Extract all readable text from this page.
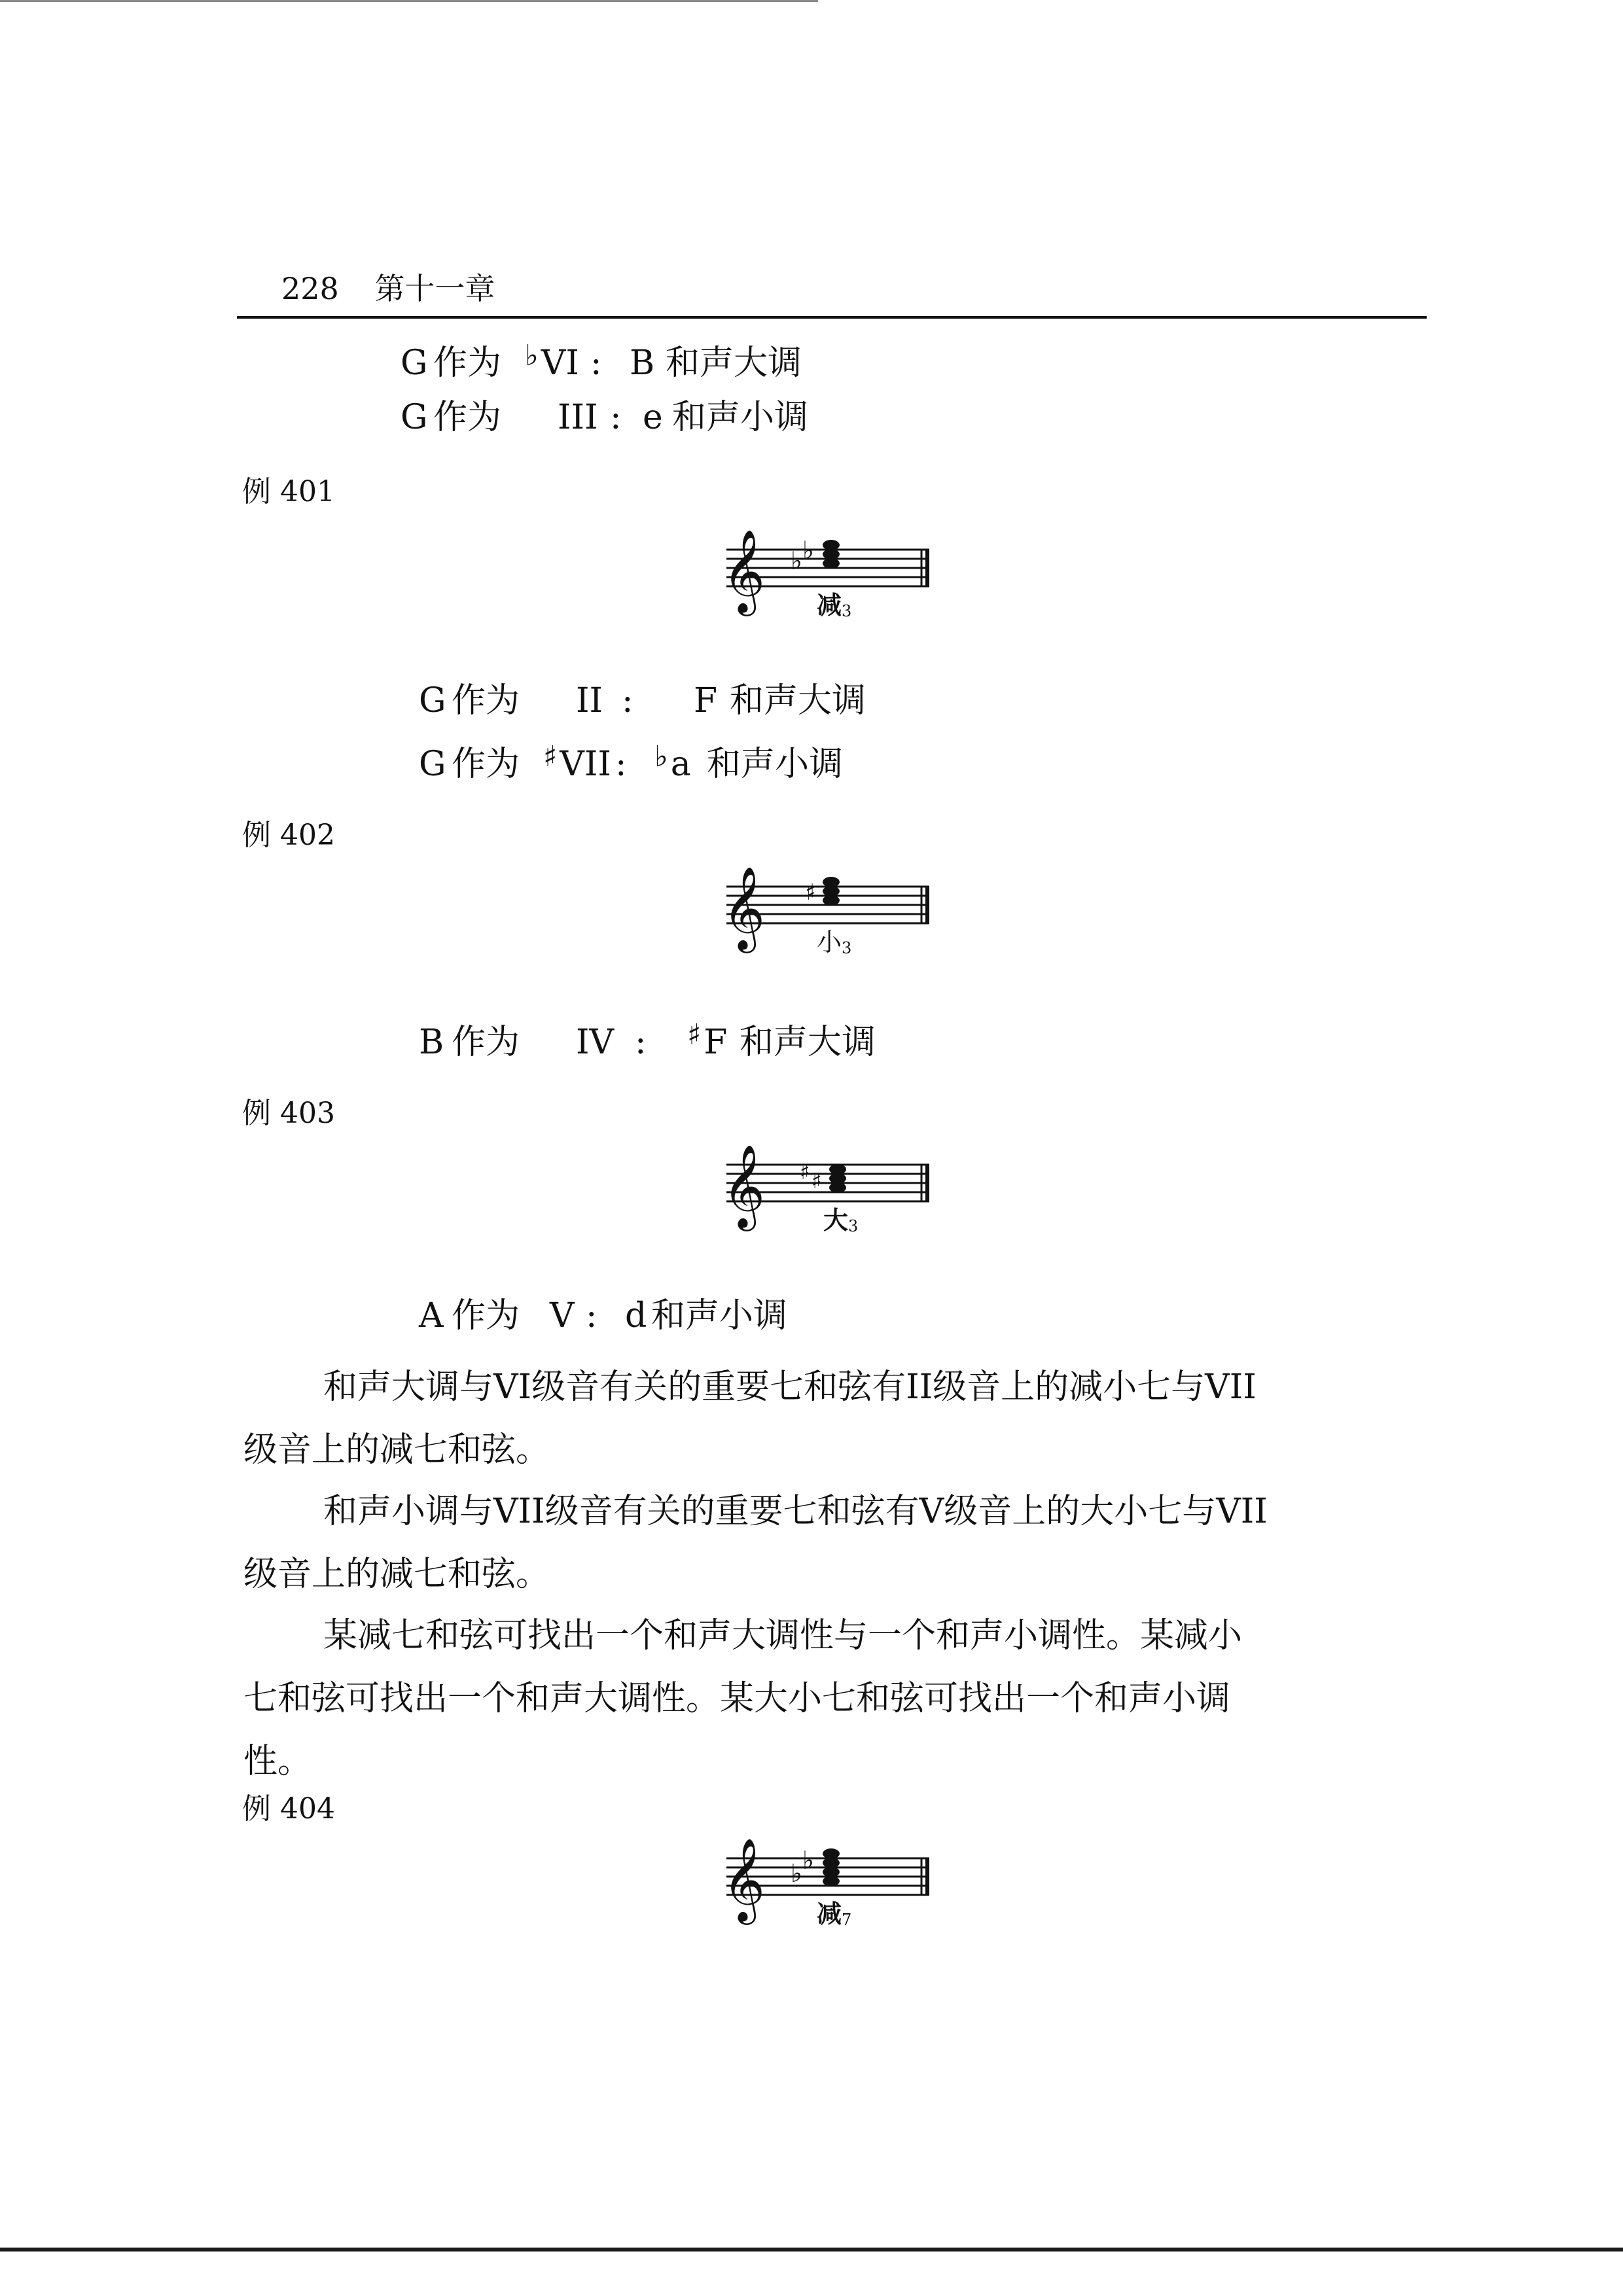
228 第十一章
G 作为 ♭VI : B 和声大调
G 作为 III : e 和声小调
例 401
𝄞 ♭ ♭
减 3
G 作为 II : F 和声大调
G 作为 ♯VII : ♭a 和声小调
例 402
𝄞 ♯
小 3
B 作为 IV : ♯F 和声大调
例 403
𝄞 ♯ ♯
大 3
A 作为 V : d 和声小调
和声大调与VI级音有关的重要七和弦有II级音上的减小七与VII
级音上的减七和弦。
和声小调与VII级音有关的重要七和弦有V级音上的大小七与VII
级音上的减七和弦。
某减七和弦可找出一个和声大调性与一个和声小调性。某减小
七和弦可找出一个和声大调性。某大小七和弦可找出一个和声小调
性。
例 404
𝄞 ♭ ♭
减 7
